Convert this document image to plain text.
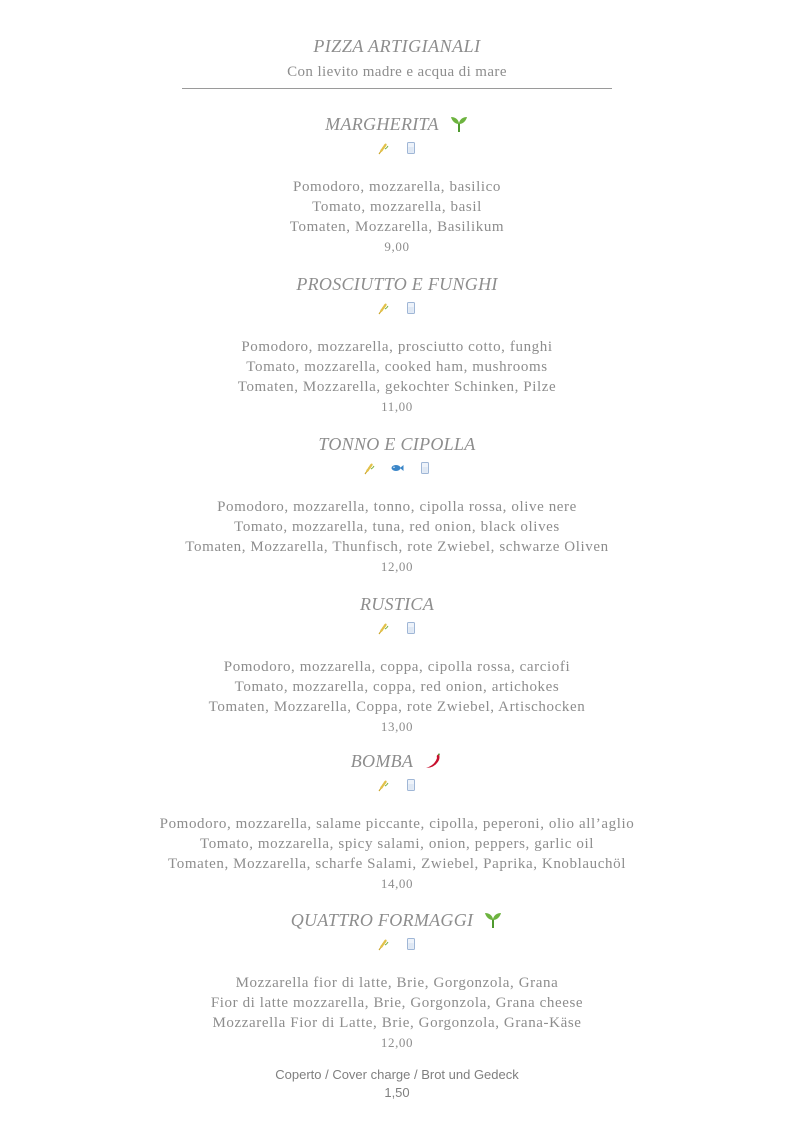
PIZZA ARTIGIANALI
Con lievito madre e acqua di mare
MARGHERITA
Pomodoro, mozzarella, basilico
Tomato, mozzarella, basil
Tomaten, Mozzarella, Basilikum
9,00
PROSCIUTTO E FUNGHI
Pomodoro, mozzarella, prosciutto cotto, funghi
Tomato, mozzarella, cooked ham, mushrooms
Tomaten, Mozzarella, gekochter Schinken, Pilze
11,00
TONNO E CIPOLLA
Pomodoro, mozzarella, tonno, cipolla rossa, olive nere
Tomato, mozzarella, tuna, red onion, black olives
Tomaten, Mozzarella, Thunfisch, rote Zwiebel, schwarze Oliven
12,00
RUSTICA
Pomodoro, mozzarella, coppa, cipolla rossa, carciofi
Tomato, mozzarella, coppa, red onion, artichokes
Tomaten, Mozzarella, Coppa, rote Zwiebel, Artischocken
13,00
BOMBA
Pomodoro, mozzarella, salame piccante, cipolla, peperoni, olio all’aglio
Tomato, mozzarella, spicy salami, onion, peppers, garlic oil
Tomaten, Mozzarella, scharfe Salami, Zwiebel, Paprika, Knoblauchöl
14,00
QUATTRO FORMAGGI
Mozzarella fior di latte, Brie, Gorgonzola, Grana
Fior di latte mozzarella, Brie, Gorgonzola, Grana cheese
Mozzarella Fior di Latte, Brie, Gorgonzola, Grana-Käse
12,00
Coperto / Cover charge / Brot und Gedeck
1,50
